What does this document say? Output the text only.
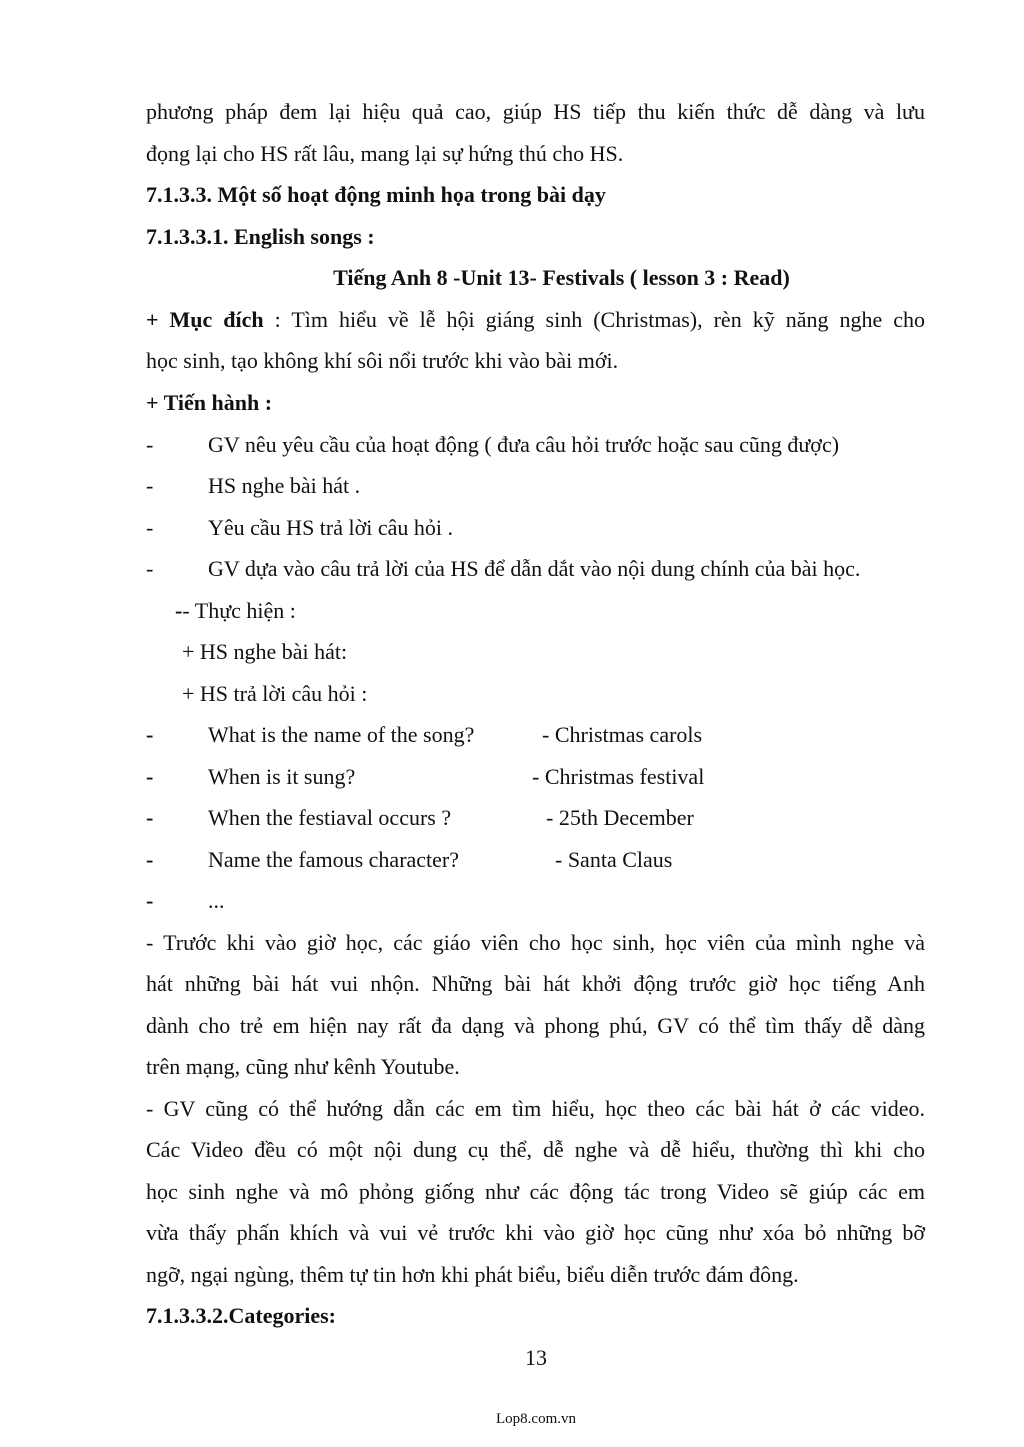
phương pháp đem lại hiệu quả cao, giúp HS tiếp thu kiến thức dễ dàng và lưu
đọng lại cho HS rất lâu, mang lại sự hứng thú cho HS.
7.1.3.3. Một số hoạt động minh họa trong bài dạy
7.1.3.3.1. English songs :
Tiếng Anh 8 -Unit 13- Festivals ( lesson 3 : Read)
+ Mục đích : Tìm hiểu về lễ hội giáng sinh (Christmas), rèn kỹ năng nghe cho
học sinh, tạo không khí sôi nổi trước khi vào bài mới.
+ Tiến hành :
- GV nêu yêu cầu của hoạt động ( đưa câu hỏi trước hoặc sau cũng được)
- HS nghe bài hát .
- Yêu cầu HS trả lời câu hỏi .
- GV dựa vào câu trả lời của HS để dẫn dắt vào nội dung chính của bài học.
-- Thực hiện :
+ HS nghe bài hát:
+ HS trả lời câu hỏi :
- What is the name of the song?	- Christmas carols
- When is it sung?	- Christmas festival
- When the festiaval occurs ?	- 25th December
- Name the famous character?	- Santa Claus
- ...
- Trước khi vào giờ học, các giáo viên cho học sinh, học viên của mình nghe và
hát những bài hát vui nhộn. Những bài hát khởi động trước giờ học tiếng Anh
dành cho trẻ em hiện nay rất đa dạng và phong phú, GV có thể tìm thấy dễ dàng
trên mạng, cũng như kênh Youtube.
- GV cũng có thể hướng dẫn các em tìm hiểu, học theo các bài hát ở các video.
Các Video đều có một nội dung cụ thể, dễ nghe và dễ hiểu, thường thì khi cho
học sinh nghe và mô phỏng giống như các động tác trong Video sẽ giúp các em
vừa thấy phấn khích và vui vẻ trước khi vào giờ học cũng như xóa bỏ những bỡ
ngỡ, ngại ngùng, thêm tự tin hơn khi phát biểu, biểu diễn trước đám đông.
7.1.3.3.2.Categories:
13
Lop8.com.vn
